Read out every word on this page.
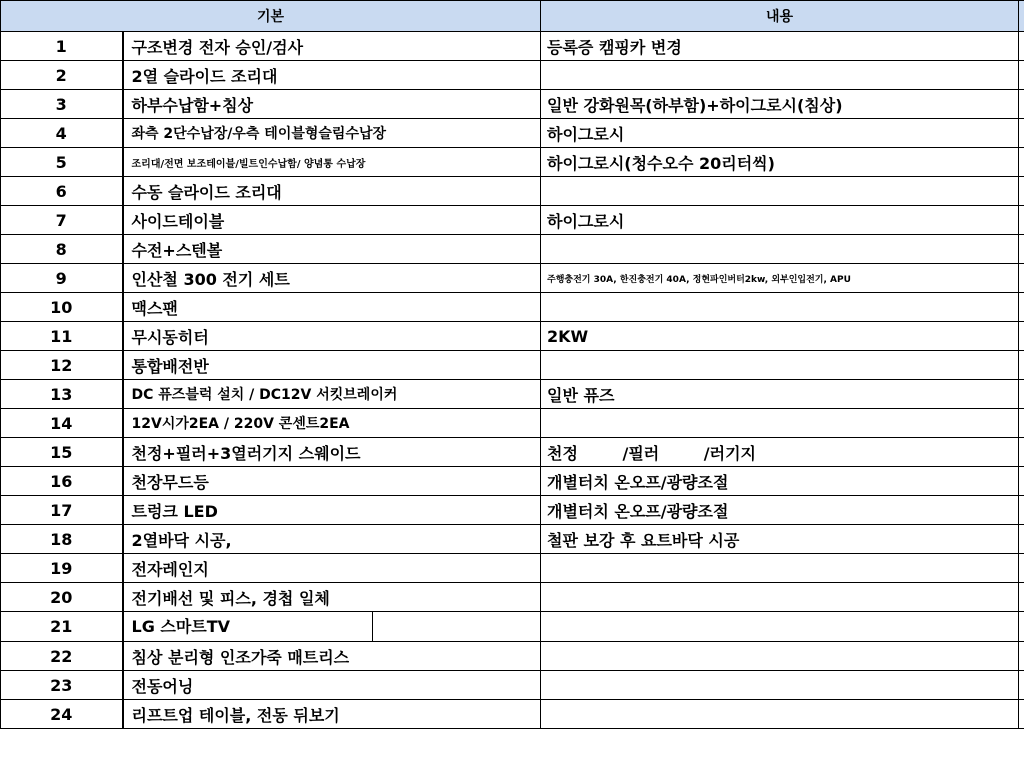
기본		내용	
1	구조변경 전자 승인/검사	등록증 캠핑카 변경	
2	2열 슬라이드 조리대		
3	하부수납함+침상	일반 강화원목(하부함)+하이그로시(침상)	
4	좌측 2단수납장/우측 테이블형슬림수납장	하이그로시	
5	조리대/전면 보조테이블/빌트인수납함/ 양념통 수납장	하이그로시(청수오수 20리터씩)	
6	수동 슬라이드 조리대		
7	사이드테이블	하이그로시	
8	수전+스텐볼		
9	인산철 300 전기 세트	주행충전기 30A, 한진충전기 40A, 정현파인버터2kw, 외부인입전기, APU	
10	맥스팬		
11	무시동히터	2KW	
12	통합배전반		
13	DC 퓨즈블럭 설치 / DC12V 서킷브레이커	일반 퓨즈	
14	12V시가2EA / 220V 콘센트2EA		
15	천정+필러+3열러기지 스웨이드	천정        /필러        /러기지	
16	천장무드등	개별터치 온오프/광량조절	
17	트렁크 LED	개별터치 온오프/광량조절	
18	2열바닥 시공,	철판 보강 후 요트바닥 시공	
19	전자레인지		
20	전기배선 및 피스, 경첩 일체		
21	LG 스마트TV		

22	침상 분리형 인조가죽 매트리스		
23	전동어닝		
24	리프트업 테이블, 전동 뒤보기		
